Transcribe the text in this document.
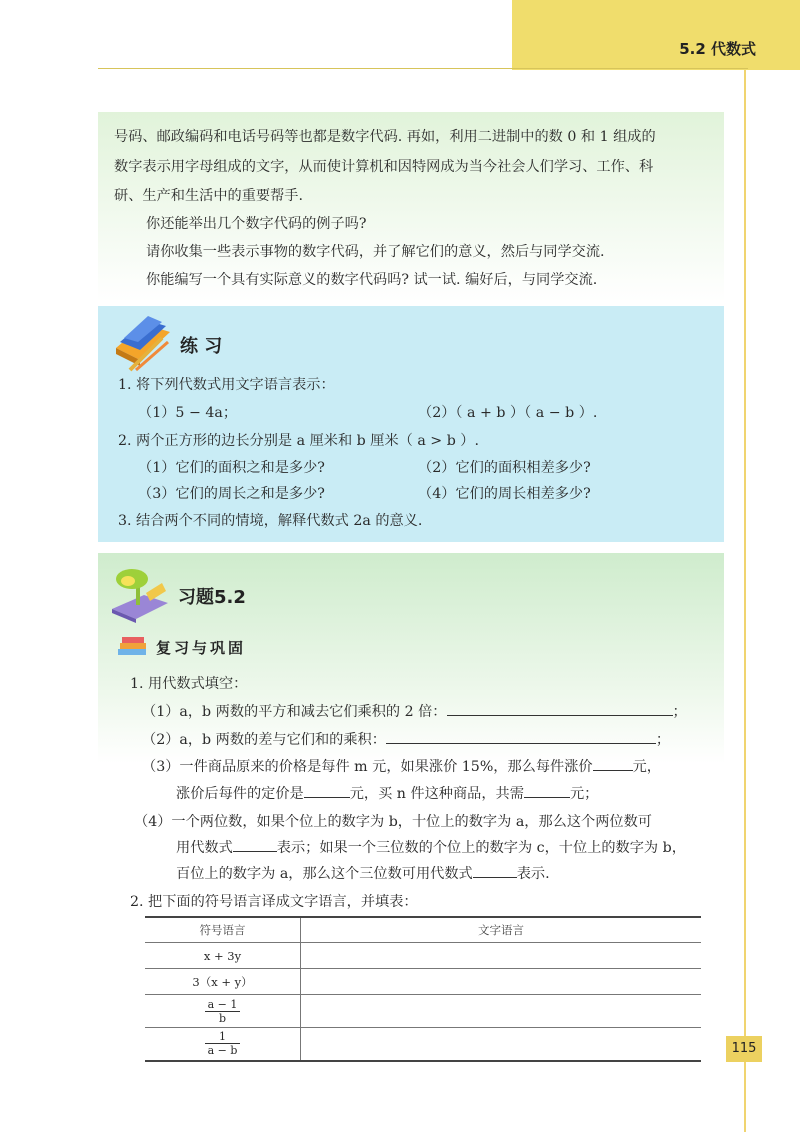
5.2 代数式
号码、邮政编码和电话号码等也都是数字代码. 再如，利用二进制中的数 0 和 1 组成的
数字表示用字母组成的文字，从而使计算机和因特网成为当今社会人们学习、工作、科
研、生产和生活中的重要帮手.
你还能举出几个数字代码的例子吗?
请你收集一些表示事物的数字代码，并了解它们的意义，然后与同学交流.
你能编写一个具有实际意义的数字代码吗? 试一试. 编好后，与同学交流.
练 习
1. 将下列代数式用文字语言表示：
（1）5 − 4a；	（2）（ a + b ）（ a − b ）.
2. 两个正方形的边长分别是 a 厘米和 b 厘米（ a > b ）.
（1）它们的面积之和是多少?	（2）它们的面积相差多少?
（3）它们的周长之和是多少?	（4）它们的周长相差多少?
3. 结合两个不同的情境，解释代数式 2a 的意义.
习题5.2
复习与巩固
1. 用代数式填空：
（1）a，b 两数的平方和减去它们乘积的 2 倍：	；
（2）a，b 两数的差与它们和的乘积：	；
（3）一件商品原来的价格是每件 m 元，如果涨价 15%，那么每件涨价	元，
涨价后每件的定价是	元，买 n 件这种商品，共需	元；
（4）一个两位数，如果个位上的数字为 b，十位上的数字为 a，那么这个两位数可
用代数式	表示；如果一个三位数的个位上的数字为 c，十位上的数字为 b，
百位上的数字为 a，那么这个三位数可用代数式	表示.
2. 把下面的符号语言译成文字语言，并填表：
符号语言	文字语言
x + 3y	
3（x + y）	

$\frac{a - 1}{b}$

$\frac{1}{a - b}$
		115
